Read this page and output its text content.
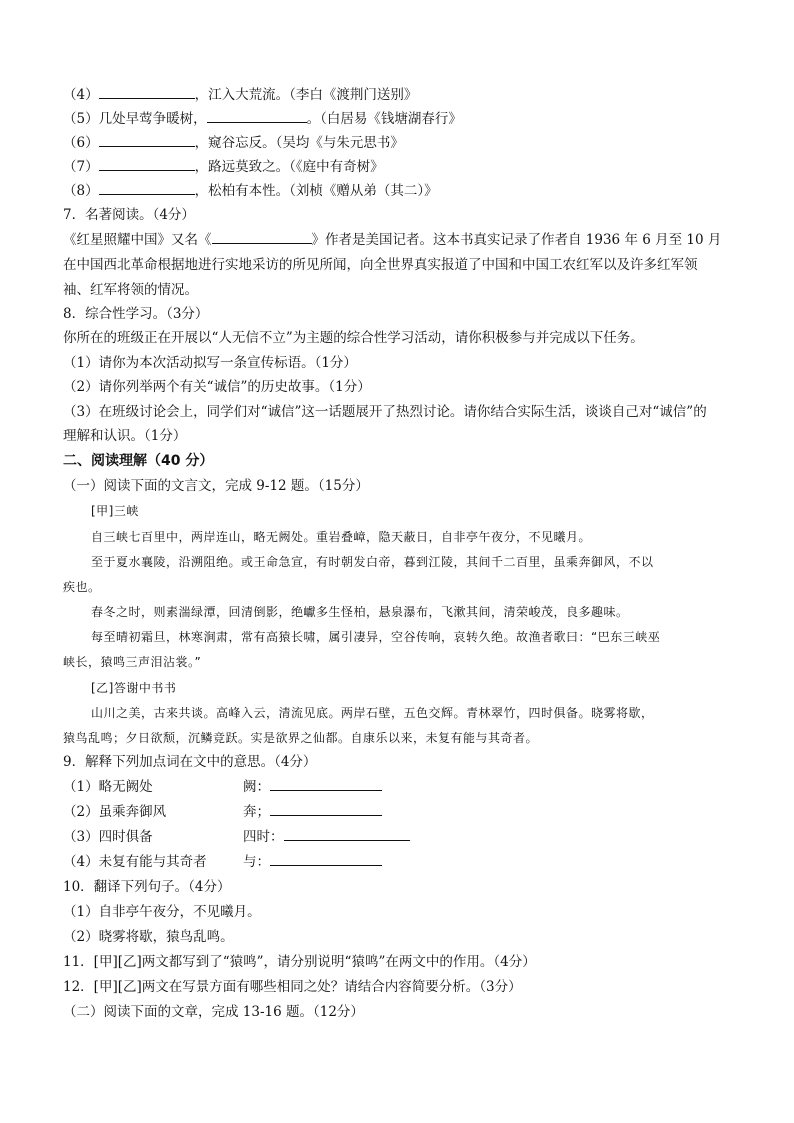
（4）	，江入大荒流。（李白《渡荆门送别》
（5）几处早莺争暖树，	。（白居易《钱塘湖春行》
（6）	，窥谷忘反。（吴均《与朱元思书》
（7）	，路远莫致之。（《庭中有奇树》
（8）	，松柏有本性。（刘桢《赠从弟（其二）》
7．名著阅读。（4分）
《红星照耀中国》又名《	》作者是美国记者。这本书真实记录了作者自 1936 年 6 月至 10 月
在中国西北革命根据地进行实地采访的所见所闻，向全世界真实报道了中国和中国工农红军以及许多红军领
袖、红军将领的情况。
8．综合性学习。（3分）
你所在的班级正在开展以“人无信不立”为主题的综合性学习活动，请你积极参与并完成以下任务。
（1）请你为本次活动拟写一条宣传标语。（1分）
（2）请你列举两个有关“诚信”的历史故事。（1分）
（3）在班级讨论会上，同学们对“诚信”这一话题展开了热烈讨论。请你结合实际生活，谈谈自己对“诚信”的
理解和认识。（1分）
二、阅读理解（40 分）
（一）阅读下面的文言文，完成 9-12 题。（15分）
[甲]三峡
自三峡七百里中，两岸连山，略无阙处。重岩叠嶂，隐天蔽日，自非亭午夜分，不见曦月。
至于夏水襄陵，沿溯阻绝。或王命急宣，有时朝发白帝，暮到江陵，其间千二百里，虽乘奔御风，不以
疾也。
春冬之时，则素湍绿潭，回清倒影，绝巘多生怪柏，悬泉瀑布，飞漱其间，清荣峻茂，良多趣味。
每至晴初霜旦，林寒涧肃，常有高猿长啸，属引凄异，空谷传响，哀转久绝。故渔者歌曰：“巴东三峡巫
峡长，猿鸣三声泪沾裳。”
[乙]答谢中书书
山川之美，古来共谈。高峰入云，清流见底。两岸石壁，五色交辉。青林翠竹，四时俱备。晓雾将歇，
猿鸟乱鸣；夕日欲颓，沉鳞竞跃。实是欲界之仙都。自康乐以来，未复有能与其奇者。
9．解释下列加点词在文中的意思。（4分）
（1）略无阙处	阙：
（2）虽乘奔御风	奔；
（3）四时俱备	四时：
（4）未复有能与其奇者	与：
10．翻译下列句子。（4分）
（1）自非亭午夜分，不见曦月。
（2）晓雾将歇，猿鸟乱鸣。
11．[甲][乙]两文都写到了“猿鸣”，请分别说明“猿鸣”在两文中的作用。（4分）
12．[甲][乙]两文在写景方面有哪些相同之处？请结合内容简要分析。（3分）
（二）阅读下面的文章，完成 13-16 题。（12分）
